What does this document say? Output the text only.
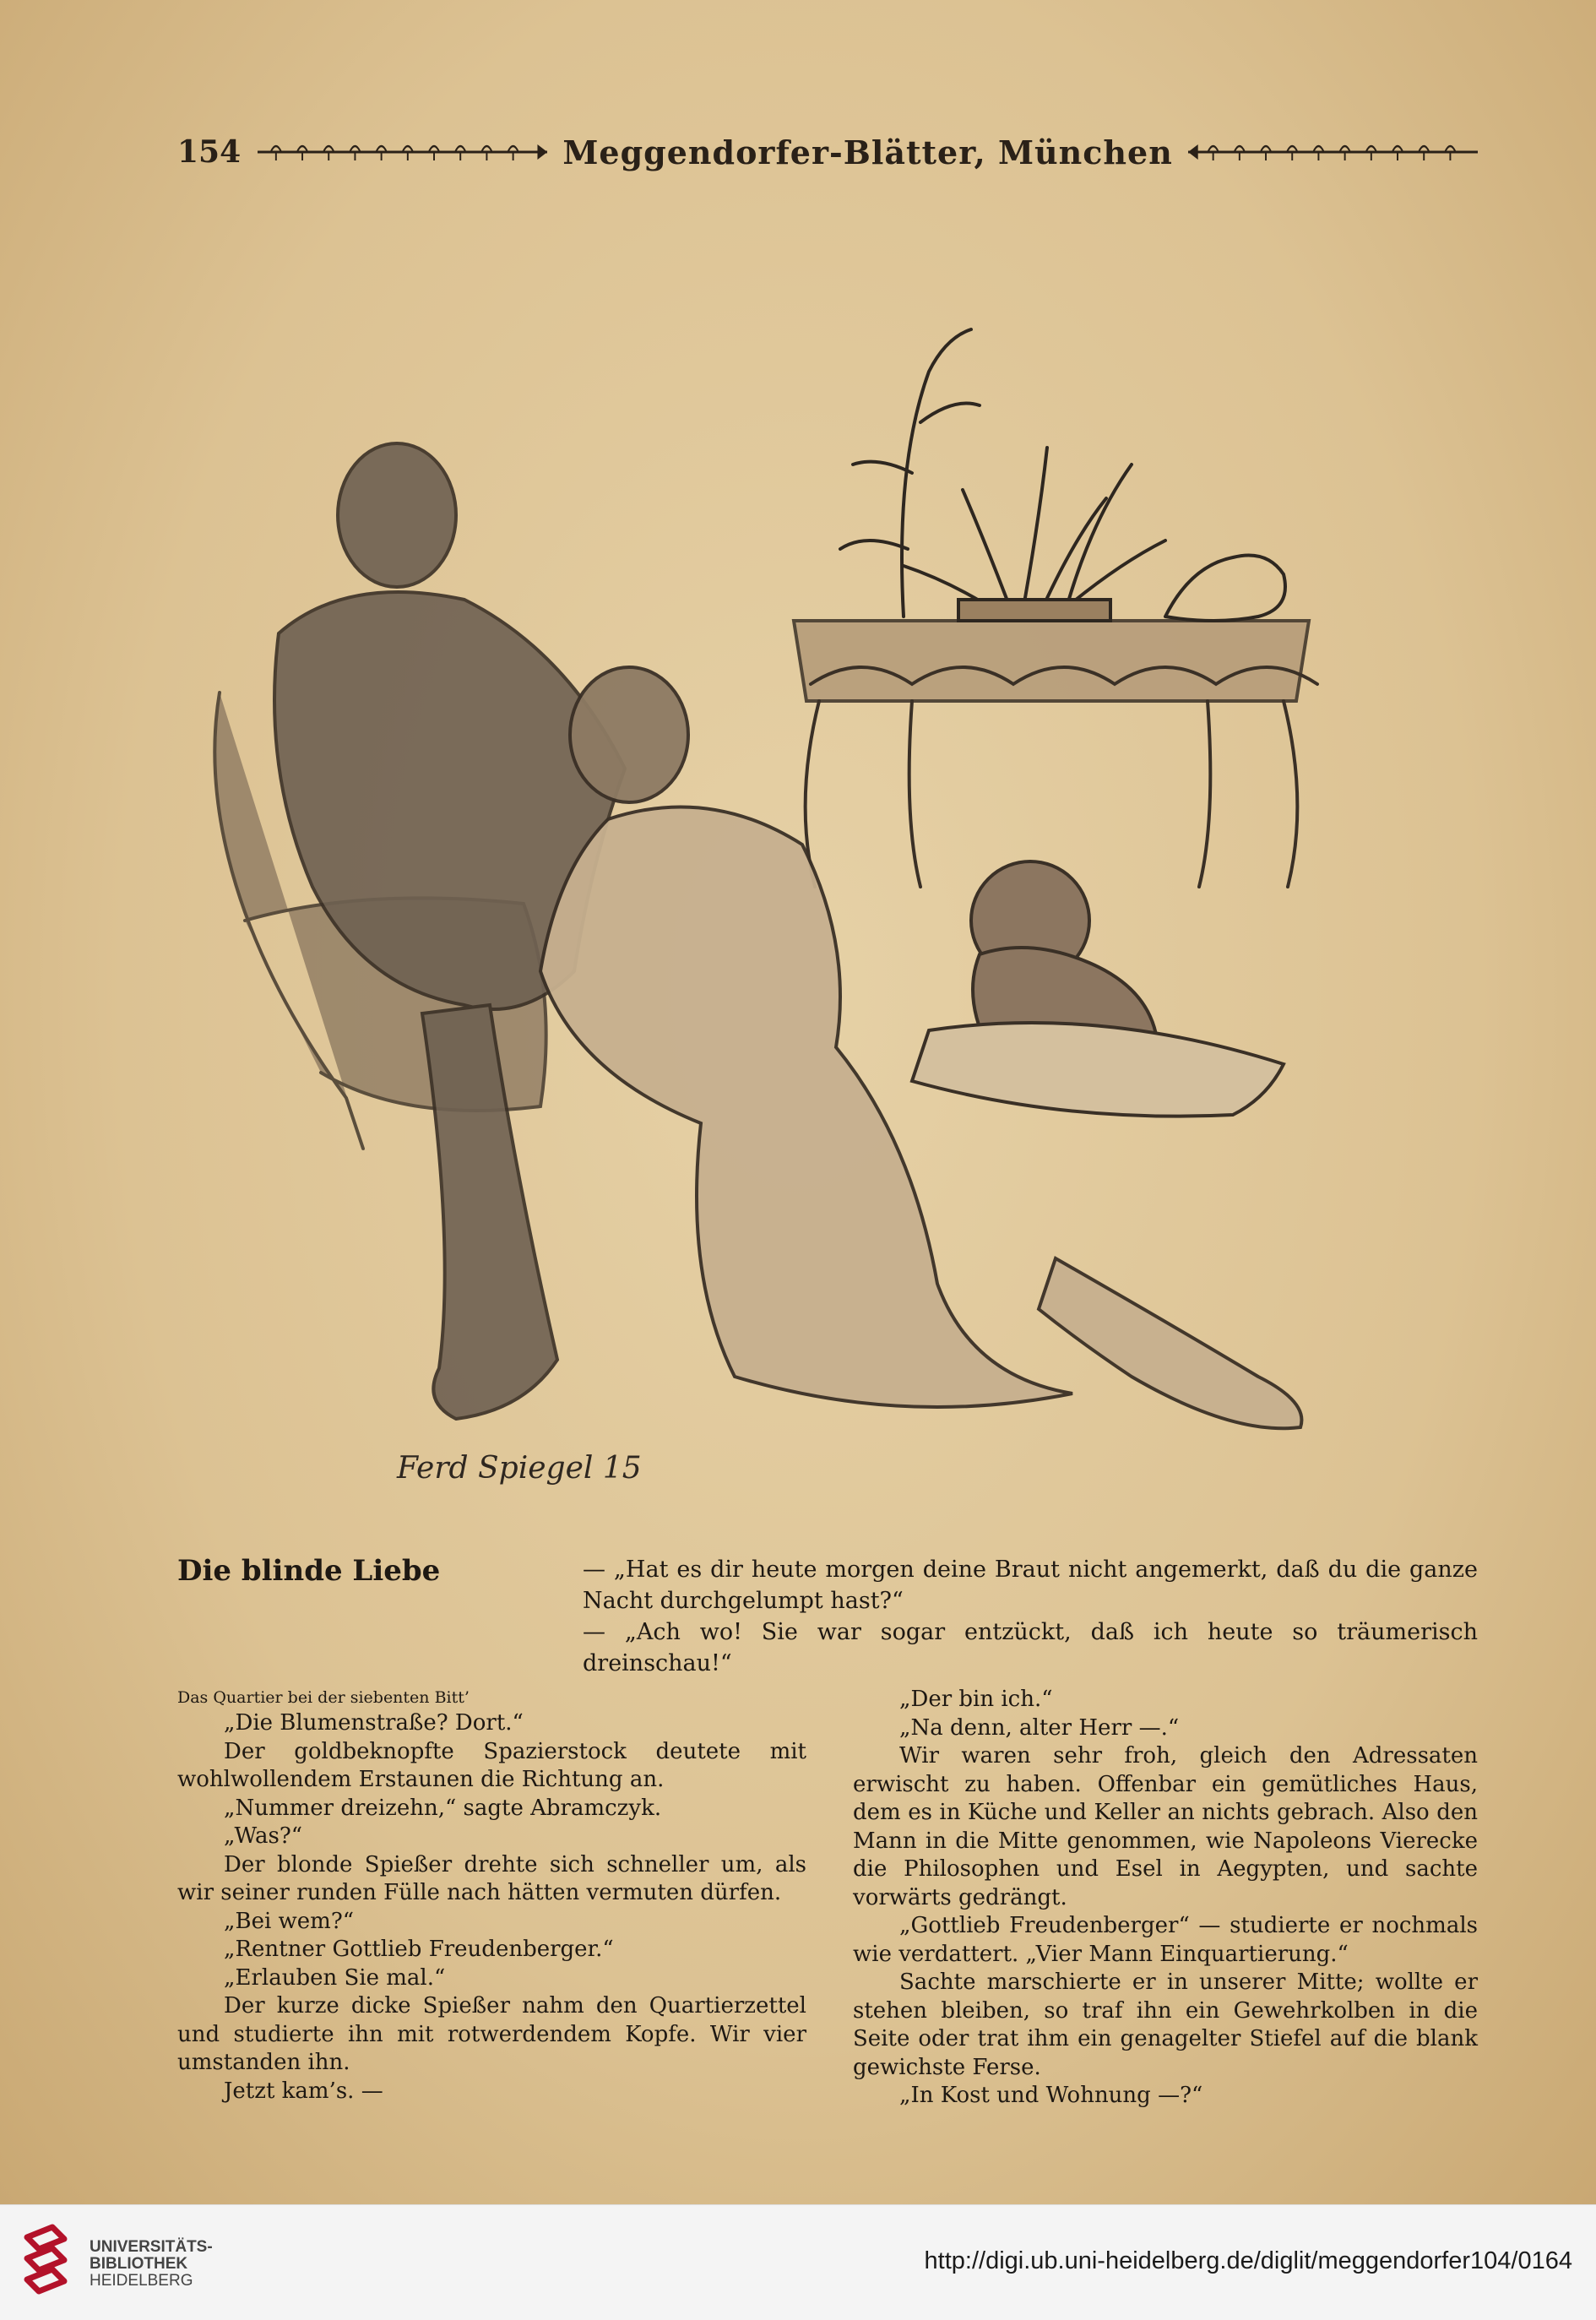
154	Meggendorfer-Blätter, München
Ferd Spiegel 15
Die blinde Liebe	— „Hat es dir heute morgen deine Braut nicht angemerkt, daß du die ganze Nacht durchgelumpt hast?“

— „Ach wo! Sie war sogar entzückt, daß ich heute so träumerisch dreinschau!“

Das Quartier bei der siebenten Bitt’

„Die Blumenstraße? Dort.“

Der goldbeknopfte Spazierstock deutete mit wohlwollendem Erstaunen die Richtung an.

„Nummer dreizehn,“ sagte Abramczyk.

„Was?“

Der blonde Spießer drehte sich schneller um, als wir seiner runden Fülle nach hätten vermuten dürfen.

„Bei wem?“

„Rentner Gottlieb Freudenberger.“

„Erlauben Sie mal.“

Der kurze dicke Spießer nahm den Quartierzettel und studierte ihn mit rotwerdendem Kopfe. Wir vier umstanden ihn.

Jetzt kam’s. —

„Der bin ich.“

„Na denn, alter Herr —.“

Wir waren sehr froh, gleich den Adressaten erwischt zu haben. Offenbar ein gemütliches Haus, dem es in Küche und Keller an nichts gebrach. Also den Mann in die Mitte genommen, wie Napoleons Vierecke die Philosophen und Esel in Aegypten, und sachte vorwärts gedrängt.

„Gottlieb Freudenberger“ — studierte er nochmals wie verdattert. „Vier Mann Einquartierung.“

Sachte marschierte er in unserer Mitte; wollte er stehen bleiben, so traf ihn ein Gewehrkolben in die Seite oder trat ihm ein genagelter Stiefel auf die blank gewichste Ferse.

„In Kost und Wohnung —?“

UNIVERSITÄTS-
BIBLIOTHEK
HEIDELBERG
http://digi.ub.uni-heidelberg.de/diglit/meggendorfer104/0164
